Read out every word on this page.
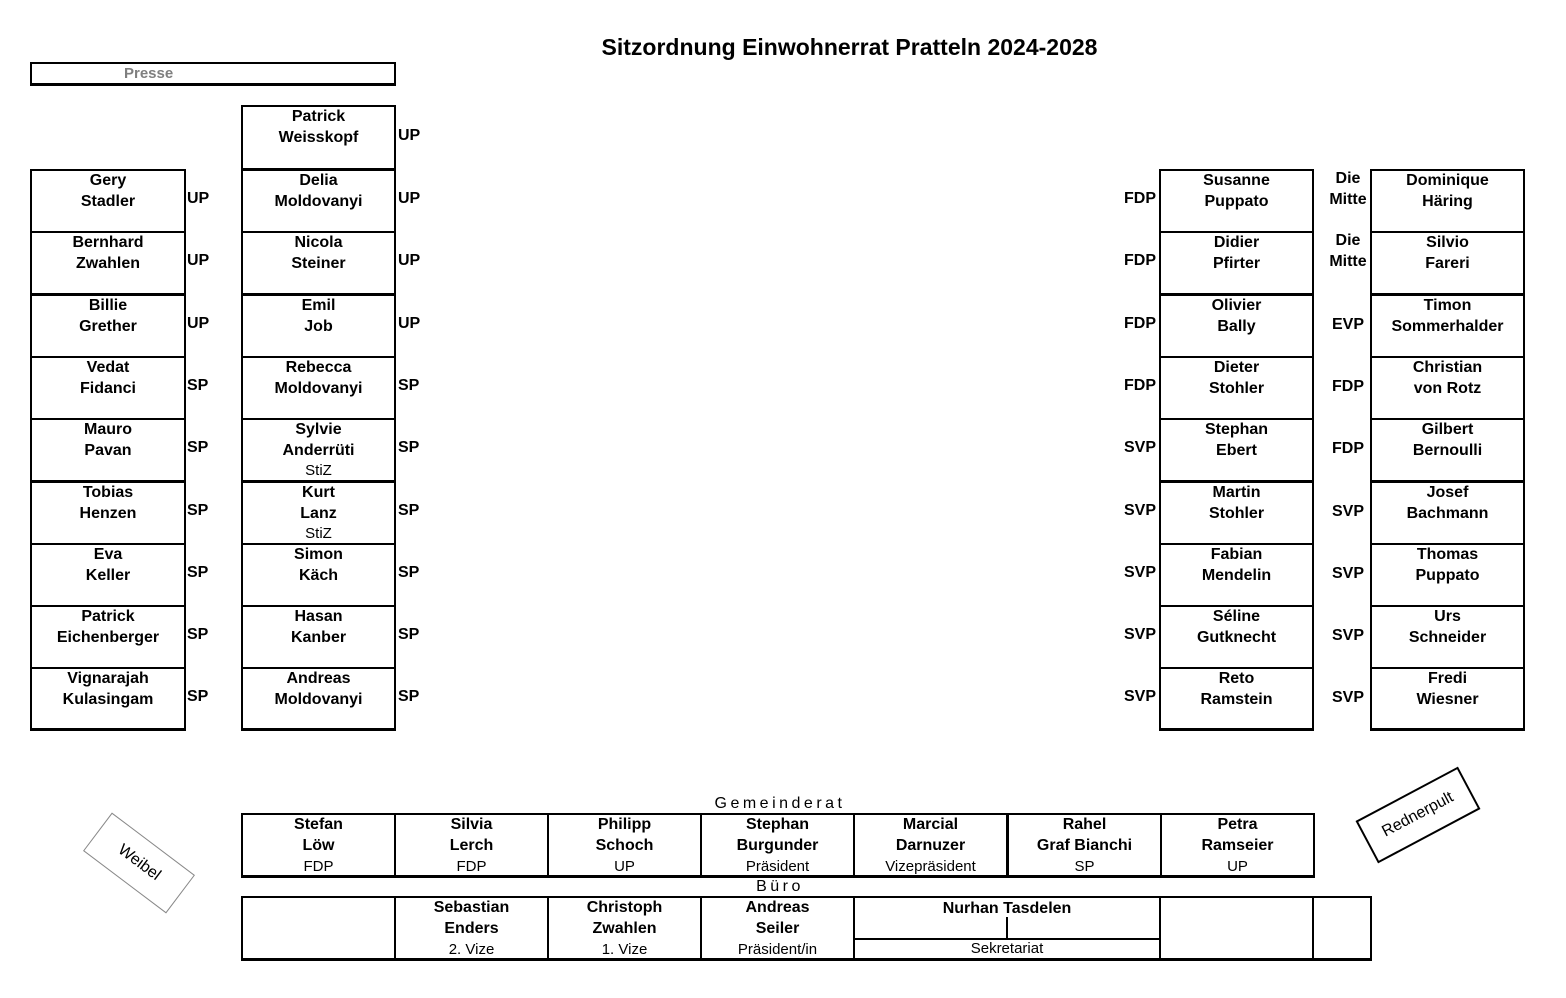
Sitzordnung Einwohnerrat Pratteln 2024-2028
Presse
Patrick
Weisskopf	UP
Gery
Stadler	UP
Bernhard
Zwahlen	UP
Billie
Grether	UP
Vedat
Fidanci	SP
Mauro
Pavan	SP
Tobias
Henzen	SP
Eva
Keller	SP
Patrick
Eichenberger	SP
Vignarajah
Kulasingam	SP
Delia
Moldovanyi	UP
Nicola
Steiner	UP
Emil
Job	UP
Rebecca
Moldovanyi	SP
Sylvie
Anderrüti
StiZ
SP
Kurt
Lanz
StiZ
SP
Simon
Käch	SP
Hasan
Kanber	SP
Andreas
Moldovanyi	SP
Susanne
Puppato
FDP
Didier
Pfirter
FDP
Olivier
Bally
FDP
Dieter
Stohler
FDP
Stephan
Ebert
SVP
Martin
Stohler
SVP
Fabian
Mendelin
SVP
Séline
Gutknecht
SVP
Reto
Ramstein
SVP
Dominique
Häring
Die
Mitte
Silvio
Fareri
Die
Mitte
Timon
Sommerhalder
EVP
Christian
von Rotz
FDP
Gilbert
Bernoulli
FDP
Josef
Bachmann
SVP
Thomas
Puppato
SVP
Urs
Schneider
SVP
Fredi
Wiesner
SVP
Gemeinderat
Stefan
Löw
FDP
Silvia
Lerch
FDP
Philipp
Schoch
UP
Stephan
Burgunder
Präsident
Marcial
Darnuzer
Vizepräsident
Rahel
Graf Bianchi
SP
Petra
Ramseier
UP
Büro
Sebastian
Enders
2. Vize
Christoph
Zwahlen
1. Vize
Andreas
Seiler
Präsident/in
Nurhan Tasdelen
Sekretariat
Weibel
Rednerpult
